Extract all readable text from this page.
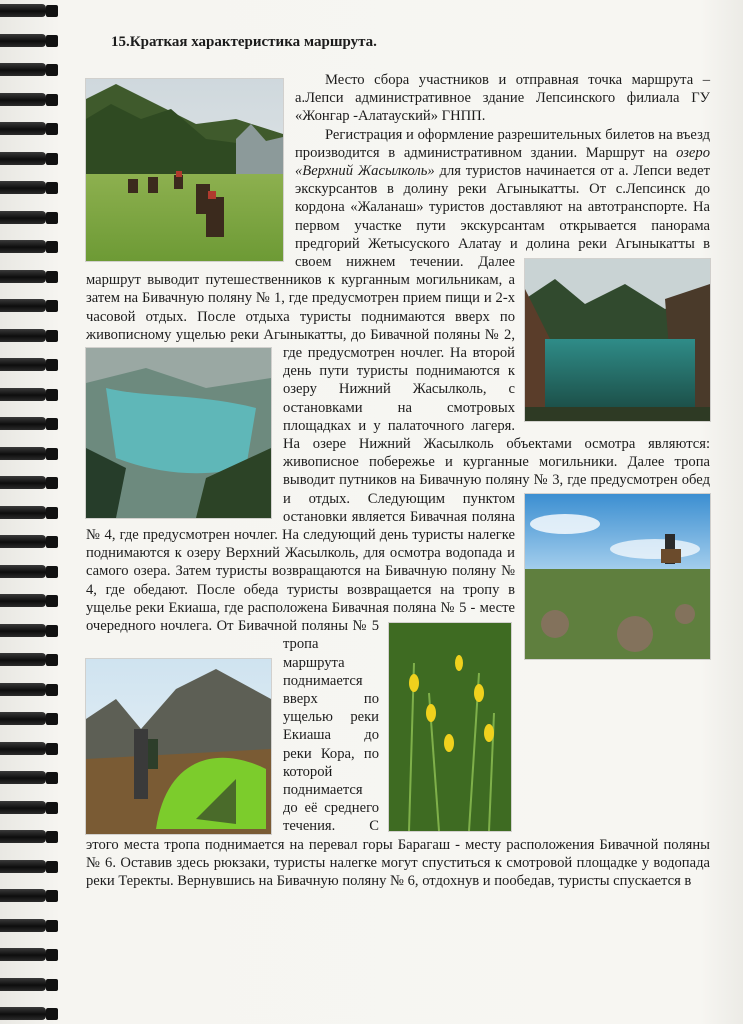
15.Краткая характеристика маршрута.

Место сбора участников и отправная точка маршрута – а.Лепси административное здание Лепсинского филиала ГУ «Жонгар -Алатауский» ГНПП.

Регистрация и оформление разрешительных билетов на въезд производится в административном здании. Маршрут на озеро «Верхний Жасылколь» для туристов начинается от а. Лепси ведет экскурсантов в долину реки Агыныкатты. От с.Лепсинск до кордона «Жаланаш» туристов доставляют на автотранспорте. На первом участке пути экскурсантам открывается панорама предгорий Жетысуского Алатау и долина реки Агыныкатты в своем нижнем течении.
Далее маршрут выводит путешественников к курганным могильникам, а затем на Бивачную поляну № 1, где предусмотрен прием пищи и 2-х часовой отдых. После отдыха туристы поднимаются вверх по живописному ущелью реки Агыныкатты, до
Бивачной поляны № 2, где предусмотрен ночлег. На второй день пути туристы поднимаются к озеру Нижний Жасылколь, с остановками на смотровых площадках и у палаточного лагеря. На озере Нижний Жасылколь объектами осмотра являются: живописное побережье и курганные могильники. Далее тропа выводит путников на Бивачную поляну № 3, где предусмотрен обед и
отдых. Следующим пунктом остановки является Бивачная поляна № 4, где предусмотрен ночлег. На следующий день туристы налегке поднимаются к озеру Верхний Жасылколь, для осмотра водопада и самого озера. Затем туристы возвращаются на Бивачную поляну № 4, где обедают. После обеда туристы возвращается на тропу в ущелье реки Екиаша, где расположена Бивачная поляна № 5 - месте очередного ночлега. От Бивачной поляны № 5
тропа маршрута поднимается вверх по ущелью реки Екиаша до реки Кора, по которой поднимается до её среднего течения. С этого места тропа поднимается на перевал горы Барагаш - месту расположения Бивачной поляны № 6. Оставив здесь рюкзаки, туристы налегке могут спуститься к смотровой площадке у водопада реки Теректы. Вернувшись на Бивачную поляну № 6, отдохнув и пообедав, туристы спускается в
